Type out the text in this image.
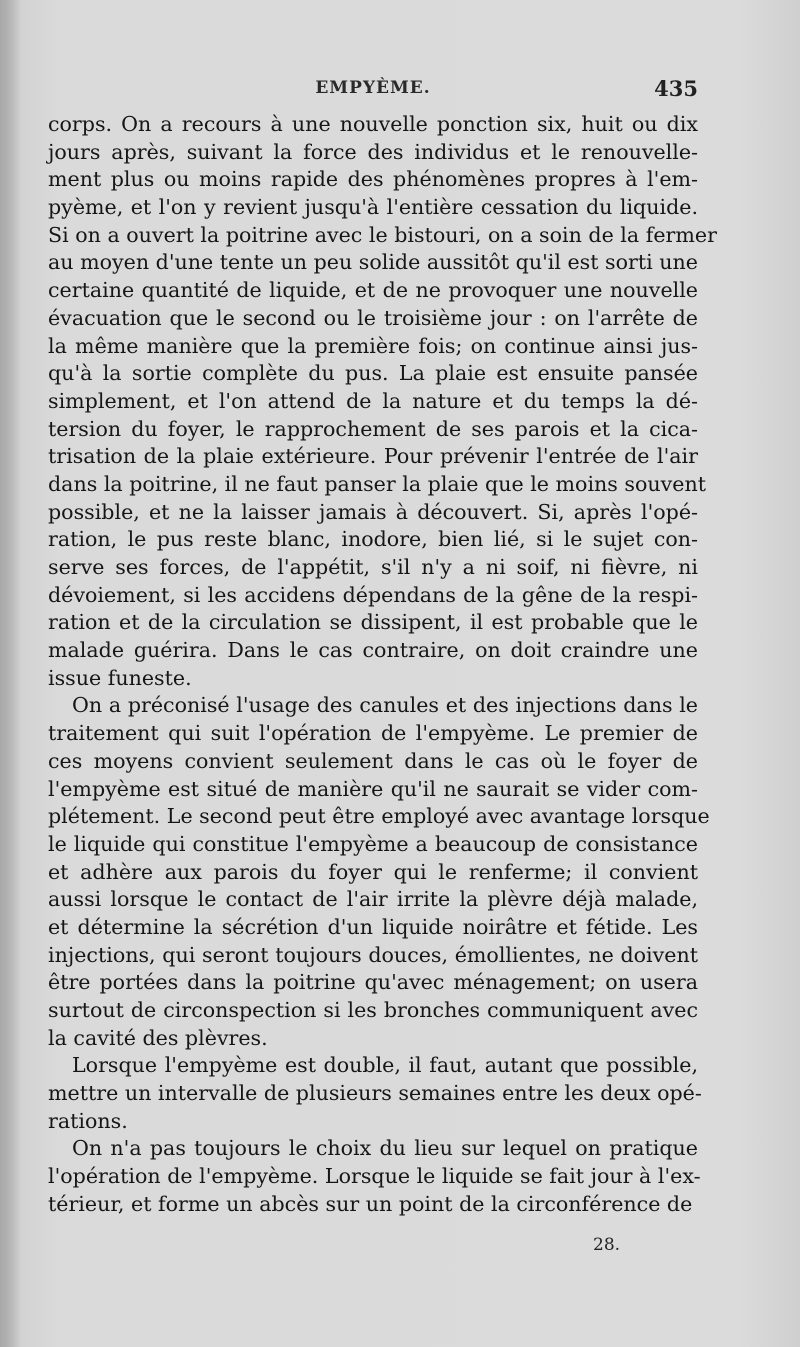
EMPYÈME.	435
corps. On a recours à une nouvelle ponction six, huit ou dix
jours après, suivant la force des individus et le renouvelle-
ment plus ou moins rapide des phénomènes propres à l'em-
pyème, et l'on y revient jusqu'à l'entière cessation du liquide.
Si on a ouvert la poitrine avec le bistouri, on a soin de la fermer
au moyen d'une tente un peu solide aussitôt qu'il est sorti une
certaine quantité de liquide, et de ne provoquer une nouvelle
évacuation que le second ou le troisième jour : on l'arrête de
la même manière que la première fois; on continue ainsi jus-
qu'à la sortie complète du pus. La plaie est ensuite pansée
simplement, et l'on attend de la nature et du temps la dé-
tersion du foyer, le rapprochement de ses parois et la cica-
trisation de la plaie extérieure. Pour prévenir l'entrée de l'air
dans la poitrine, il ne faut panser la plaie que le moins souvent
possible, et ne la laisser jamais à découvert. Si, après l'opé-
ration, le pus reste blanc, inodore, bien lié, si le sujet con-
serve ses forces, de l'appétit, s'il n'y a ni soif, ni fièvre, ni
dévoiement, si les accidens dépendans de la gêne de la respi-
ration et de la circulation se dissipent, il est probable que le
malade guérira. Dans le cas contraire, on doit craindre une
issue funeste.
On a préconisé l'usage des canules et des injections dans le
traitement qui suit l'opération de l'empyème. Le premier de
ces moyens convient seulement dans le cas où le foyer de
l'empyème est situé de manière qu'il ne saurait se vider com-
plétement. Le second peut être employé avec avantage lorsque
le liquide qui constitue l'empyème a beaucoup de consistance
et adhère aux parois du foyer qui le renferme; il convient
aussi lorsque le contact de l'air irrite la plèvre déjà malade,
et détermine la sécrétion d'un liquide noirâtre et fétide. Les
injections, qui seront toujours douces, émollientes, ne doivent
être portées dans la poitrine qu'avec ménagement; on usera
surtout de circonspection si les bronches communiquent avec
la cavité des plèvres.
Lorsque l'empyème est double, il faut, autant que possible,
mettre un intervalle de plusieurs semaines entre les deux opé-
rations.
On n'a pas toujours le choix du lieu sur lequel on pratique
l'opération de l'empyème. Lorsque le liquide se fait jour à l'ex-
térieur, et forme un abcès sur un point de la circonférence de
28.
